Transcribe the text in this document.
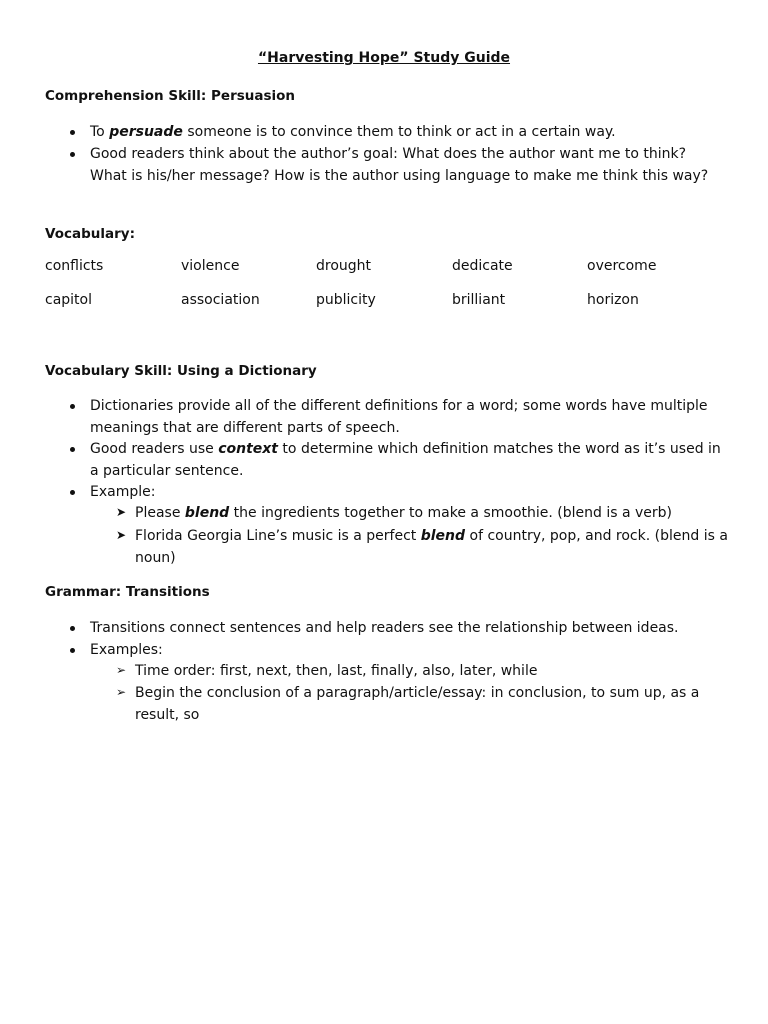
“Harvesting Hope” Study Guide
Comprehension Skill: Persuasion
To persuade someone is to convince them to think or act in a certain way.
Good readers think about the author’s goal: What does the author want me to think?
What is his/her message? How is the author using language to make me think this way?
Vocabulary:
conflicts	violence	drought	dedicate	overcome
capitol	association	publicity	brilliant	horizon
Vocabulary Skill: Using a Dictionary
Dictionaries provide all of the different definitions for a word; some words have multiple
meanings that are different parts of speech.
Good readers use context to determine which definition matches the word as it’s used in
a particular sentence.
Example:
➤ Please blend the ingredients together to make a smoothie. (blend is a verb)
➤ Florida Georgia Line’s music is a perfect blend of country, pop, and rock. (blend is a
noun)
Grammar: Transitions
Transitions connect sentences and help readers see the relationship between ideas.
Examples:
➢ Time order: first, next, then, last, finally, also, later, while
➢ Begin the conclusion of a paragraph/article/essay: in conclusion, to sum up, as a
result, so
